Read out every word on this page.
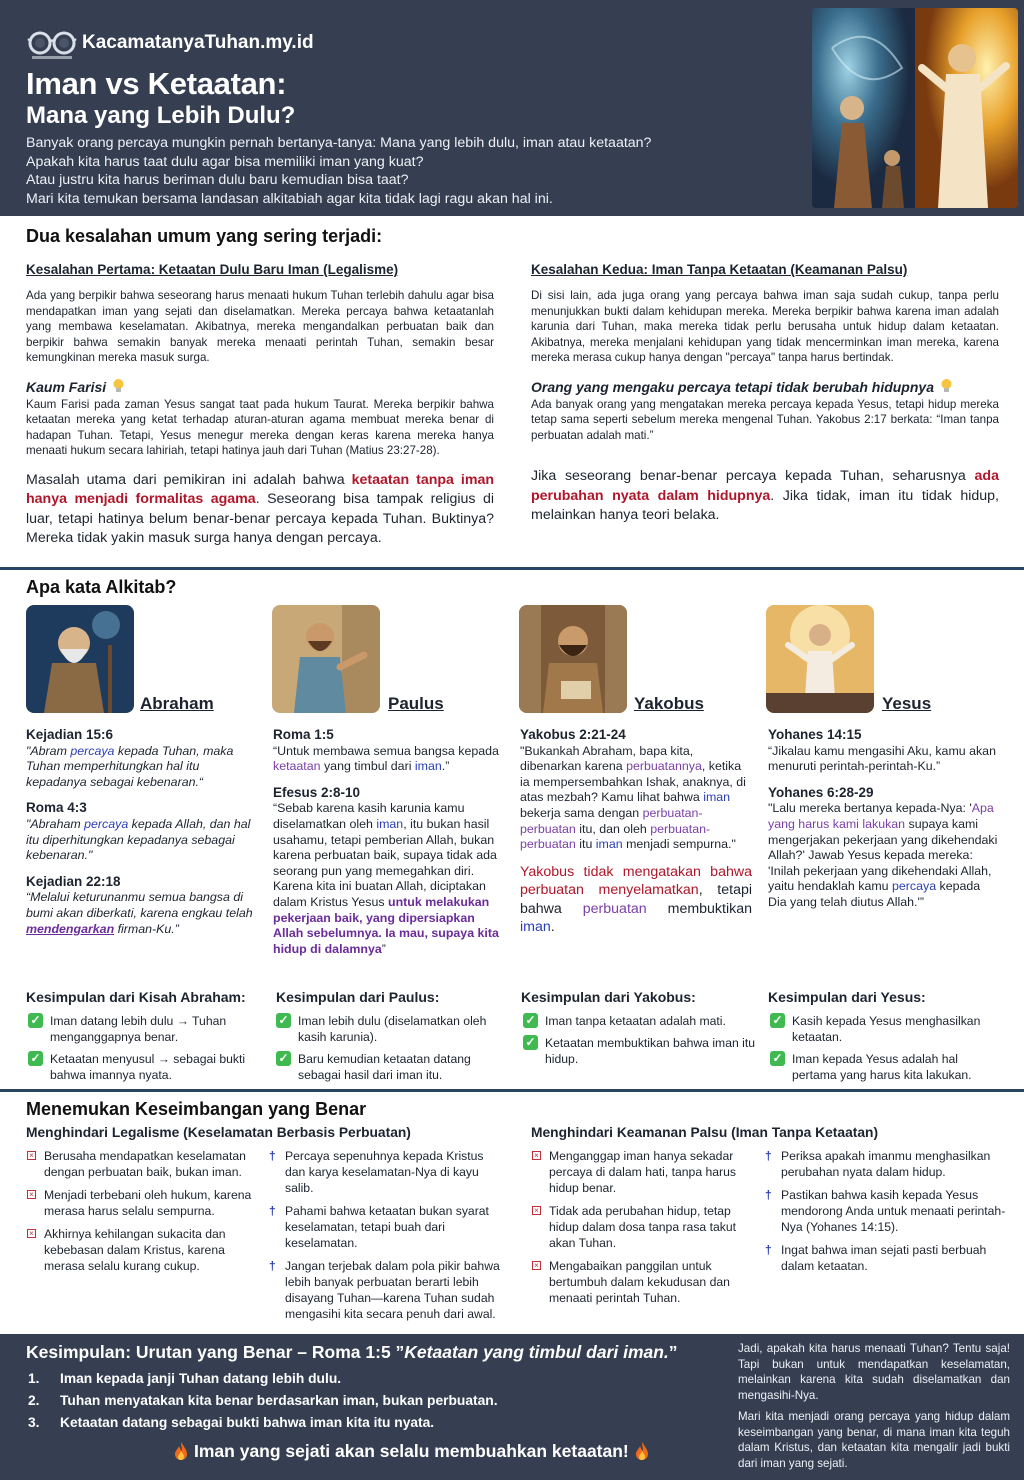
KacamatanyaTuhan.my.id
Iman vs Ketaatan:
Mana yang Lebih Dulu?
Banyak orang percaya mungkin pernah bertanya-tanya: Mana yang lebih dulu, iman atau ketaatan?
Apakah kita harus taat dulu agar bisa memiliki iman yang kuat?
Atau justru kita harus beriman dulu baru kemudian bisa taat?
Mari kita temukan bersama landasan alkitabiah agar kita tidak lagi ragu akan hal ini.
Dua kesalahan umum yang sering terjadi:
Kesalahan Pertama: Ketaatan Dulu Baru Iman (Legalisme)

Ada yang berpikir bahwa seseorang harus menaati hukum Tuhan terlebih dahulu agar bisa mendapatkan iman yang sejati dan diselamatkan. Mereka percaya bahwa ketaatanlah yang membawa keselamatan. Akibatnya, mereka mengandalkan perbuatan baik dan berpikir bahwa semakin banyak mereka menaati perintah Tuhan, semakin besar kemungkinan mereka masuk surga.

Kaum Farisi

Kaum Farisi pada zaman Yesus sangat taat pada hukum Taurat. Mereka berpikir bahwa ketaatan mereka yang ketat terhadap aturan-aturan agama membuat mereka benar di hadapan Tuhan. Tetapi, Yesus menegur mereka dengan keras karena mereka hanya menaati hukum secara lahiriah, tetapi hatinya jauh dari Tuhan (Matius 23:27-28).

Masalah utama dari pemikiran ini adalah bahwa ketaatan tanpa iman hanya menjadi formalitas agama. Seseorang bisa tampak religius di luar, tetapi hatinya belum benar-benar percaya kepada Tuhan. Buktinya? Mereka tidak yakin masuk surga hanya dengan percaya.

Kesalahan Kedua: Iman Tanpa Ketaatan (Keamanan Palsu)

Di sisi lain, ada juga orang yang percaya bahwa iman saja sudah cukup, tanpa perlu menunjukkan bukti dalam kehidupan mereka. Mereka berpikir bahwa karena iman adalah karunia dari Tuhan, maka mereka tidak perlu berusaha untuk hidup dalam ketaatan. Akibatnya, mereka menjalani kehidupan yang tidak mencerminkan iman mereka, karena mereka merasa cukup hanya dengan "percaya" tanpa harus bertindak.

Orang yang mengaku percaya tetapi tidak berubah hidupnya

Ada banyak orang yang mengatakan mereka percaya kepada Yesus, tetapi hidup mereka tetap sama seperti sebelum mereka mengenal Tuhan. Yakobus 2:17 berkata: “Iman tanpa perbuatan adalah mati.”

Jika seseorang benar-benar percaya kepada Tuhan, seharusnya ada perubahan nyata dalam hidupnya. Jika tidak, iman itu tidak hidup, melainkan hanya teori belaka.

Apa kata Alkitab?
Abraham	Paulus	Yakobus	Yesus
Kejadian 15:6
"Abram percaya kepada Tuhan, maka Tuhan memperhitungkan hal itu kepadanya sebagai kebenaran.“
Roma 4:3
"Abraham percaya kepada Allah, dan hal itu diperhitungkan kepadanya sebagai kebenaran."
Kejadian 22:18
“Melalui keturunanmu semua bangsa di bumi akan diberkati, karena engkau telah mendengarkan firman-Ku.”
Roma 1:5
“Untuk membawa semua bangsa kepada ketaatan yang timbul dari iman.”
Efesus 2:8-10
“Sebab karena kasih karunia kamu diselamatkan oleh iman, itu bukan hasil usahamu, tetapi pemberian Allah, bukan karena perbuatan baik, supaya tidak ada seorang pun yang memegahkan diri. Karena kita ini buatan Allah, diciptakan dalam Kristus Yesus untuk melakukan pekerjaan baik, yang dipersiapkan Allah sebelumnya. Ia mau, supaya kita hidup di dalamnya”
Yakobus 2:21-24
"Bukankah Abraham, bapa kita, dibenarkan karena perbuatannya, ketika ia mempersembahkan Ishak, anaknya, di atas mezbah? Kamu lihat bahwa iman bekerja sama dengan perbuatan-perbuatan itu, dan oleh perbuatan-perbuatan itu iman menjadi sempurna."
Yakobus tidak mengatakan bahwa perbuatan menyelamatkan, tetapi bahwa perbuatan membuktikan iman.
Yohanes 14:15
“Jikalau kamu mengasihi Aku, kamu akan menuruti perintah-perintah-Ku.”
Yohanes 6:28-29
"Lalu mereka bertanya kepada-Nya: 'Apa yang harus kami lakukan supaya kami mengerjakan pekerjaan yang dikehendaki Allah?' Jawab Yesus kepada mereka: 'Inilah pekerjaan yang dikehendaki Allah, yaitu hendaklah kamu percaya kepada Dia yang telah diutus Allah.'”
Kesimpulan dari Kisah Abraham:
✓ Iman datang lebih dulu → Tuhan menganggapnya benar.
✓ Ketaatan menyusul → sebagai bukti bahwa imannya nyata.
Kesimpulan dari Paulus:
✓ Iman lebih dulu (diselamatkan oleh kasih karunia).
✓ Baru kemudian ketaatan datang sebagai hasil dari iman itu.
Kesimpulan dari Yakobus:
✓ Iman tanpa ketaatan adalah mati.
✓ Ketaatan membuktikan bahwa iman itu hidup.
Kesimpulan dari Yesus:
✓ Kasih kepada Yesus menghasilkan ketaatan.
✓ Iman kepada Yesus adalah hal pertama yang harus kita lakukan.
Menemukan Keseimbangan yang Benar
Menghindari Legalisme (Keselamatan Berbasis Perbuatan)	Menghindari Keamanan Palsu (Iman Tanpa Ketaatan)
× Berusaha mendapatkan keselamatan dengan perbuatan baik, bukan iman.
× Menjadi terbebani oleh hukum, karena merasa harus selalu sempurna.
× Akhirnya kehilangan sukacita dan kebebasan dalam Kristus, karena merasa selalu kurang cukup.
† Percaya sepenuhnya kepada Kristus dan karya keselamatan-Nya di kayu salib.
† Pahami bahwa ketaatan bukan syarat keselamatan, tetapi buah dari keselamatan.
† Jangan terjebak dalam pola pikir bahwa lebih banyak perbuatan berarti lebih disayang Tuhan—karena Tuhan sudah mengasihi kita secara penuh dari awal.
× Menganggap iman hanya sekadar percaya di dalam hati, tanpa harus hidup benar.
× Tidak ada perubahan hidup, tetap hidup dalam dosa tanpa rasa takut akan Tuhan.
× Mengabaikan panggilan untuk bertumbuh dalam kekudusan dan menaati perintah Tuhan.
† Periksa apakah imanmu menghasilkan perubahan nyata dalam hidup.
† Pastikan bahwa kasih kepada Yesus mendorong Anda untuk menaati perintah-Nya (Yohanes 14:15).
† Ingat bahwa iman sejati pasti berbuah dalam ketaatan.
Kesimpulan: Urutan yang Benar – Roma 1:5 ”Ketaatan yang timbul dari iman.”
1. Iman kepada janji Tuhan datang lebih dulu.
2. Tuhan menyatakan kita benar berdasarkan iman, bukan perbuatan.
3. Ketaatan datang sebagai bukti bahwa iman kita itu nyata.
Iman yang sejati akan selalu membuahkan ketaatan!

Jadi, apakah kita harus menaati Tuhan? Tentu saja! Tapi bukan untuk mendapatkan keselamatan, melainkan karena kita sudah diselamatkan dan mengasihi-Nya.

Mari kita menjadi orang percaya yang hidup dalam keseimbangan yang benar, di mana iman kita teguh dalam Kristus, dan ketaatan kita mengalir jadi bukti dari iman yang sejati.
